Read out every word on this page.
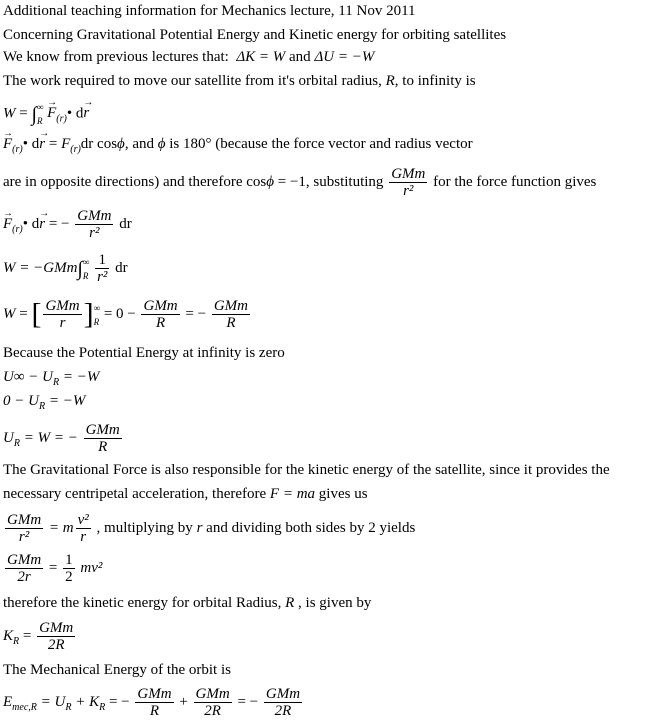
Additional teaching information for Mechanics lecture, 11 Nov 2011
Concerning Gravitational Potential Energy and Kinetic energy for orbiting satellites
We know from previous lectures that: ΔK = W and ΔU = −W
The work required to move our satellite from it's orbital radius, R, to infinity is
W = ∫ ∞
R
→ $F_{(r)}•$ d→ r
→ $F_{(r)}•$ $d\to r = F_{(r)}dr$ cosϕ, and ϕ is 180° (because the force vector and radius vector
are in opposite directions) and therefore cosϕ = −1, substituting $\frac{\text{GMm}}{\text{r²}}$ for the force function gives
→ $F_{(r)}•$ d→ r = − $\frac{\text{GMm}}{\text{r²}}$ dr
W = −GMm∫ ∞
R
$\frac{1}{\text{r²}}$ dr
W = [ $\frac{\text{GMm}}{r}$ ] ∞
$R = 0 - \frac{\text{GMm}}{R}$ = − $\frac{\text{GMm}}{R}$
Because the Potential Energy at infinity is zero
$U\infty - U_R = -W$
$0 - U_R = -W$
$U_R = W$ = − $\frac{\text{GMm}}{R}$
The Gravitational Force is also responsible for the kinetic energy of the satellite, since it provides the
necessary centripetal acceleration, therefore F = ma gives us
$\frac{\text{GMm}}{\text{r²}} = m \frac{\text{v²}}{r}$ , multiplying by r and dividing both sides by 2 yields
$\frac{\text{GMm}}{2r} = \frac{1}{2} mv^2$
therefore the kinetic energy for orbital Radius, R , is given by
$K_R = \frac{\text{GMm}}{2R}$
The Mechanical Energy of the orbit is
$E_{mec,R} = U_R + K_R$ = − $\frac{\text{GMm}}{R} + \frac{\text{GMm}}{2R}$ = − $\frac{\text{GMm}}{2R}$
